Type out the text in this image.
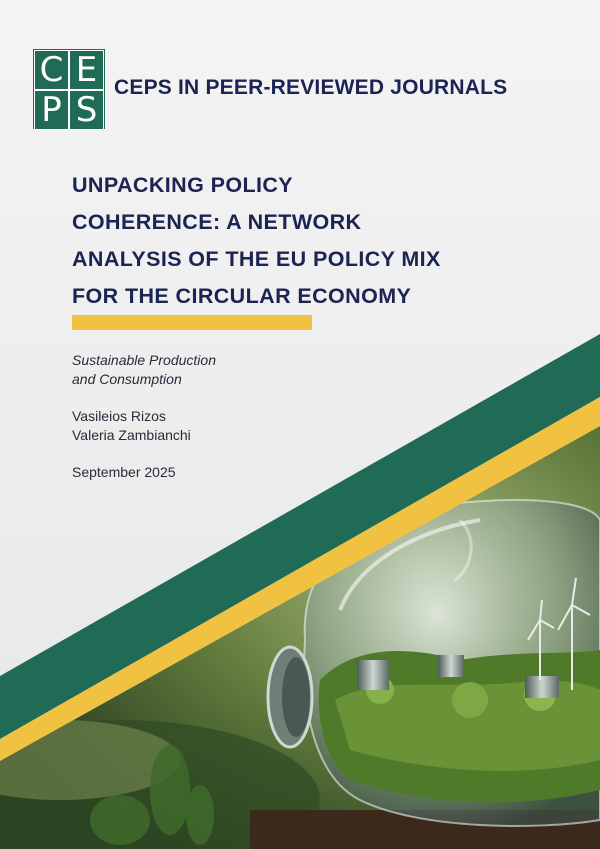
C E
P S
CEPS IN PEER-REVIEWED JOURNALS
UNPACKING POLICY
COHERENCE: A NETWORK
ANALYSIS OF THE EU POLICY MIX
FOR THE CIRCULAR ECONOMY
Sustainable Production
and Consumption
Vasileios Rizos
Valeria Zambianchi
September 2025
